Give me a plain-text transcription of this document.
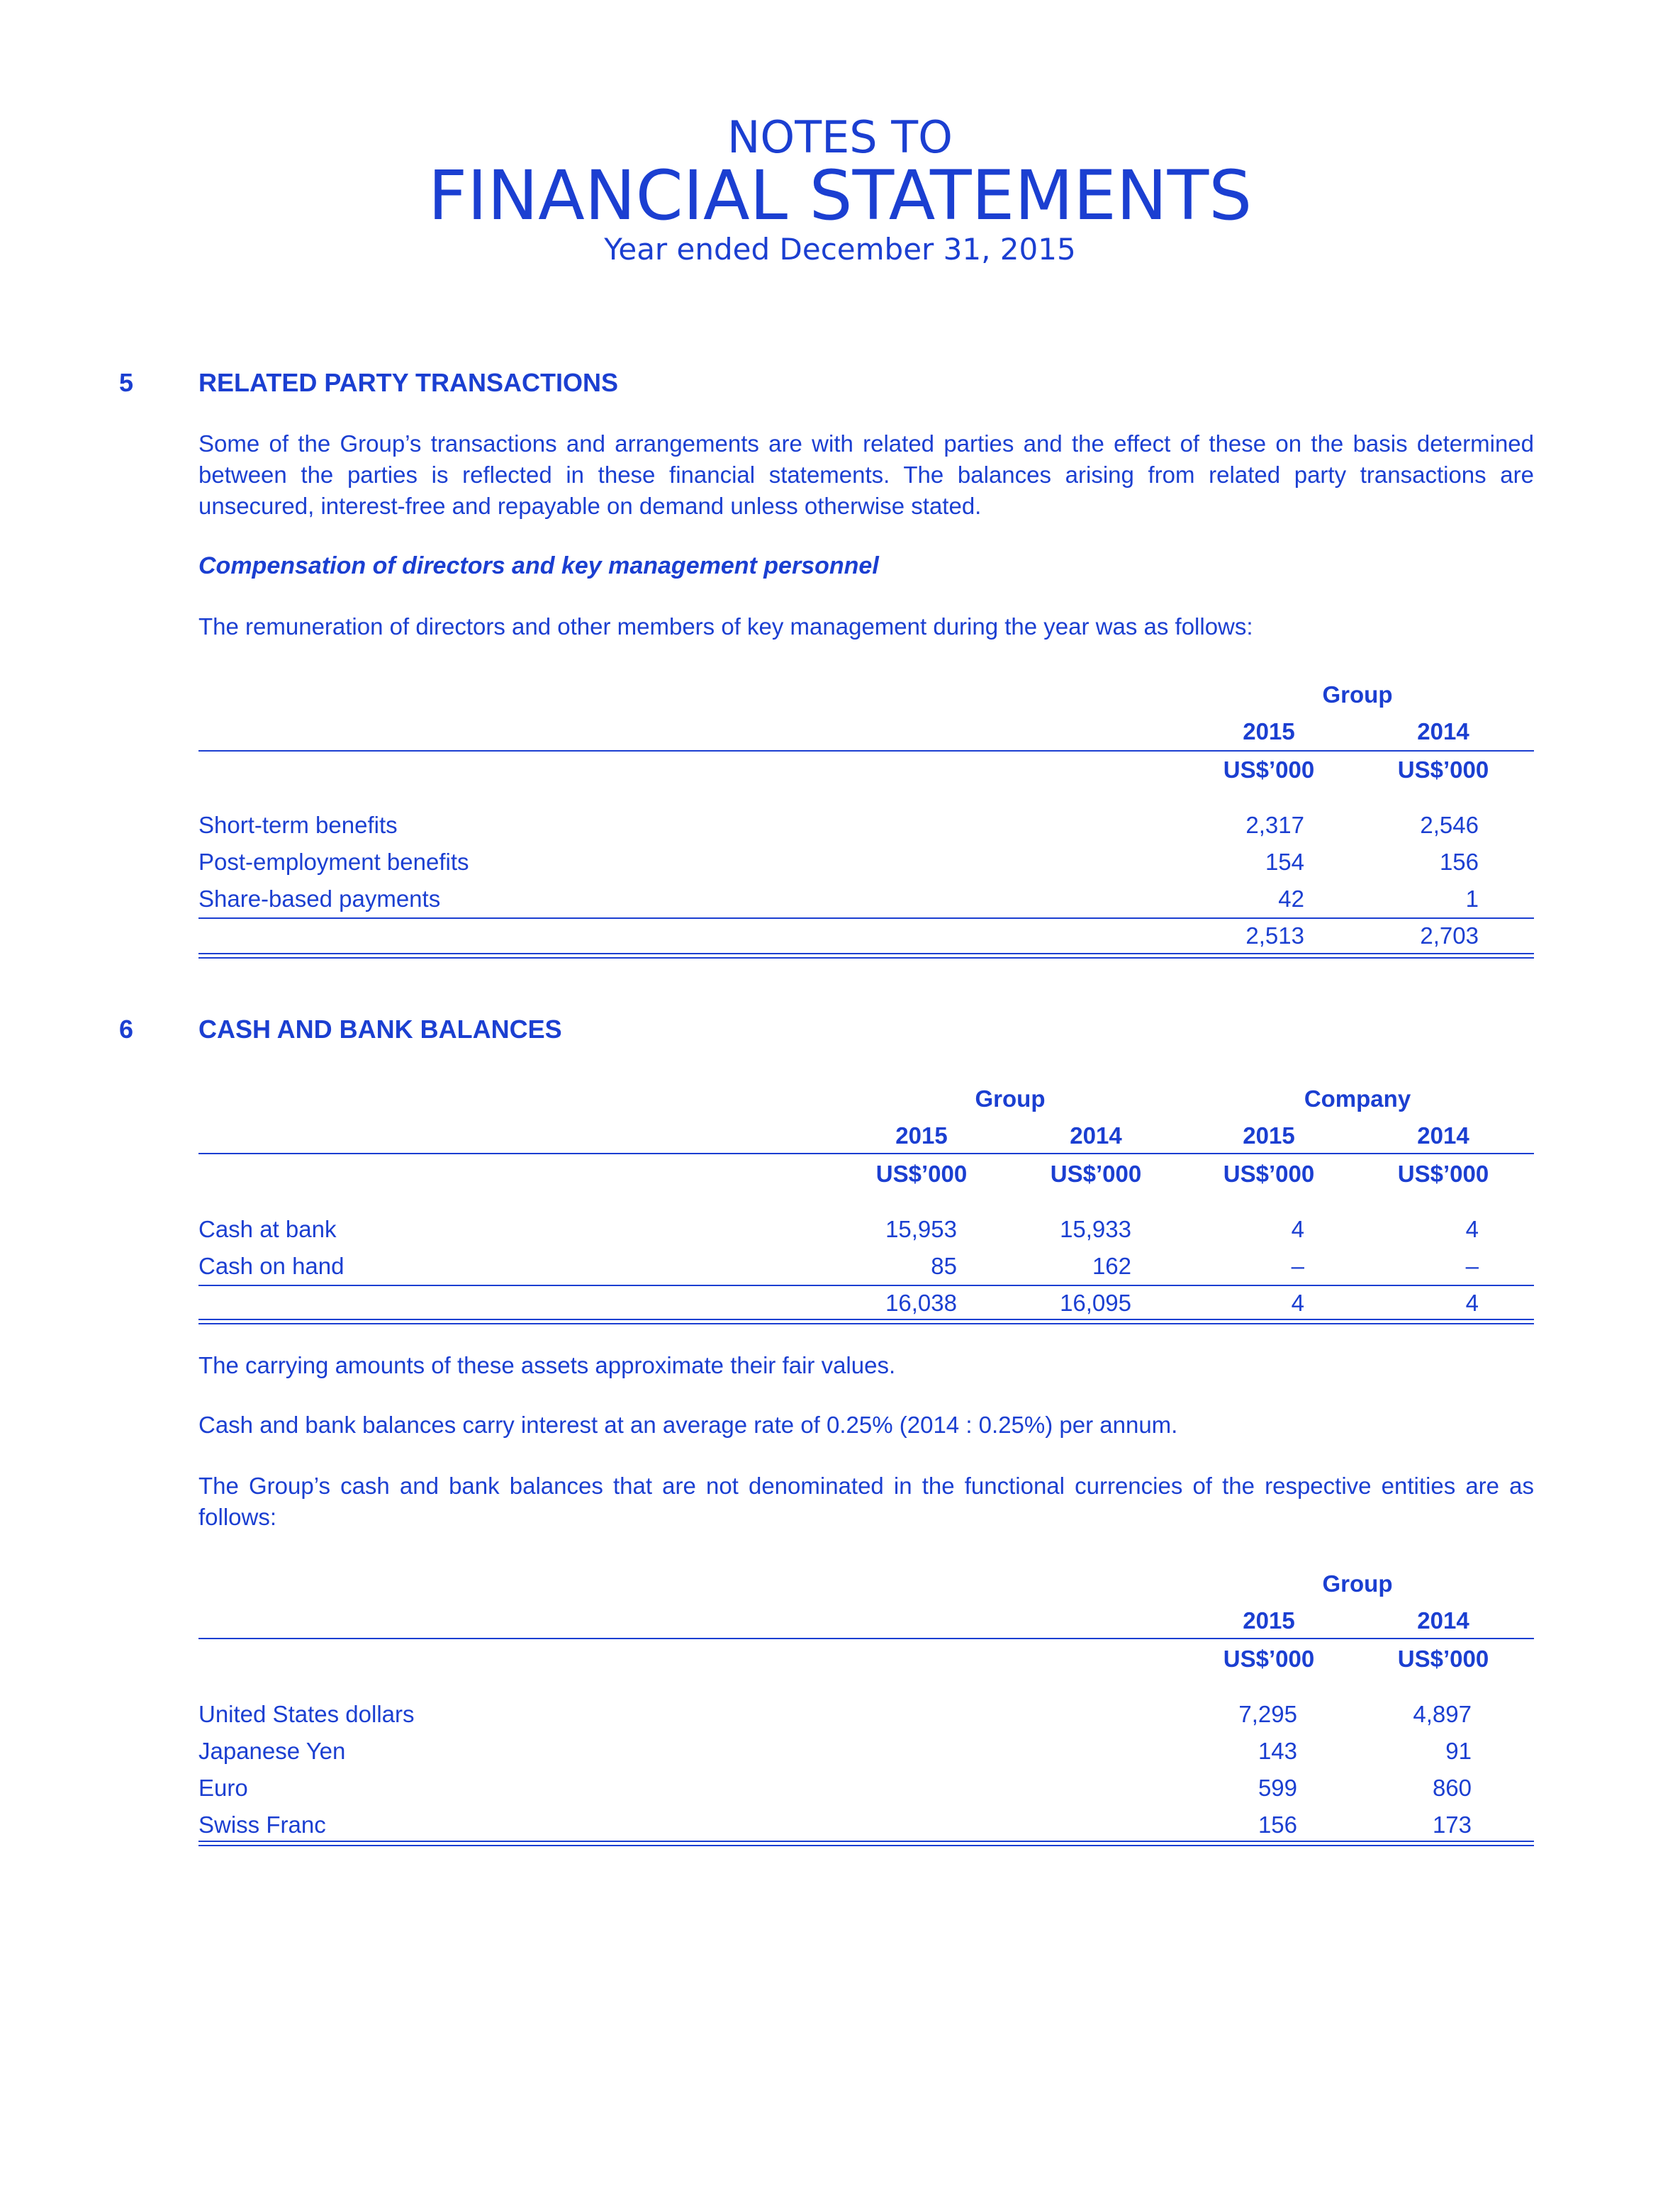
NOTES TO
FINANCIAL STATEMENTS
Year ended December 31, 2015
5	RELATED PARTY TRANSACTIONS
Some of the Group’s transactions and arrangements are with related parties and the effect of these on the basis determined between the parties is reflected in these financial statements. The balances arising from related party transactions are unsecured, interest-free and repayable on demand unless otherwise stated.
Compensation of directors and key management personnel
The remuneration of directors and other members of key management during the year was as follows:
Group
2015	2014
US$’000	US$’000
Short-term benefits	2,317	2,546
Post-employment benefits	154	156
Share-based payments	42	1
2,513	2,703
6	CASH AND BANK BALANCES
Group	Company
2015	2014	2015	2014
US$’000	US$’000	US$’000	US$’000
Cash at bank	15,953	15,933	4	4
Cash on hand	85	162	–	–
16,038	16,095	4	4
The carrying amounts of these assets approximate their fair values.
Cash and bank balances carry interest at an average rate of 0.25% (2014 : 0.25%) per annum.
The Group’s cash and bank balances that are not denominated in the functional currencies of the respective entities are as follows:
Group
2015	2014
US$’000	US$’000
United States dollars	7,295	4,897
Japanese Yen	143	91
Euro	599	860
Swiss Franc	156	173
